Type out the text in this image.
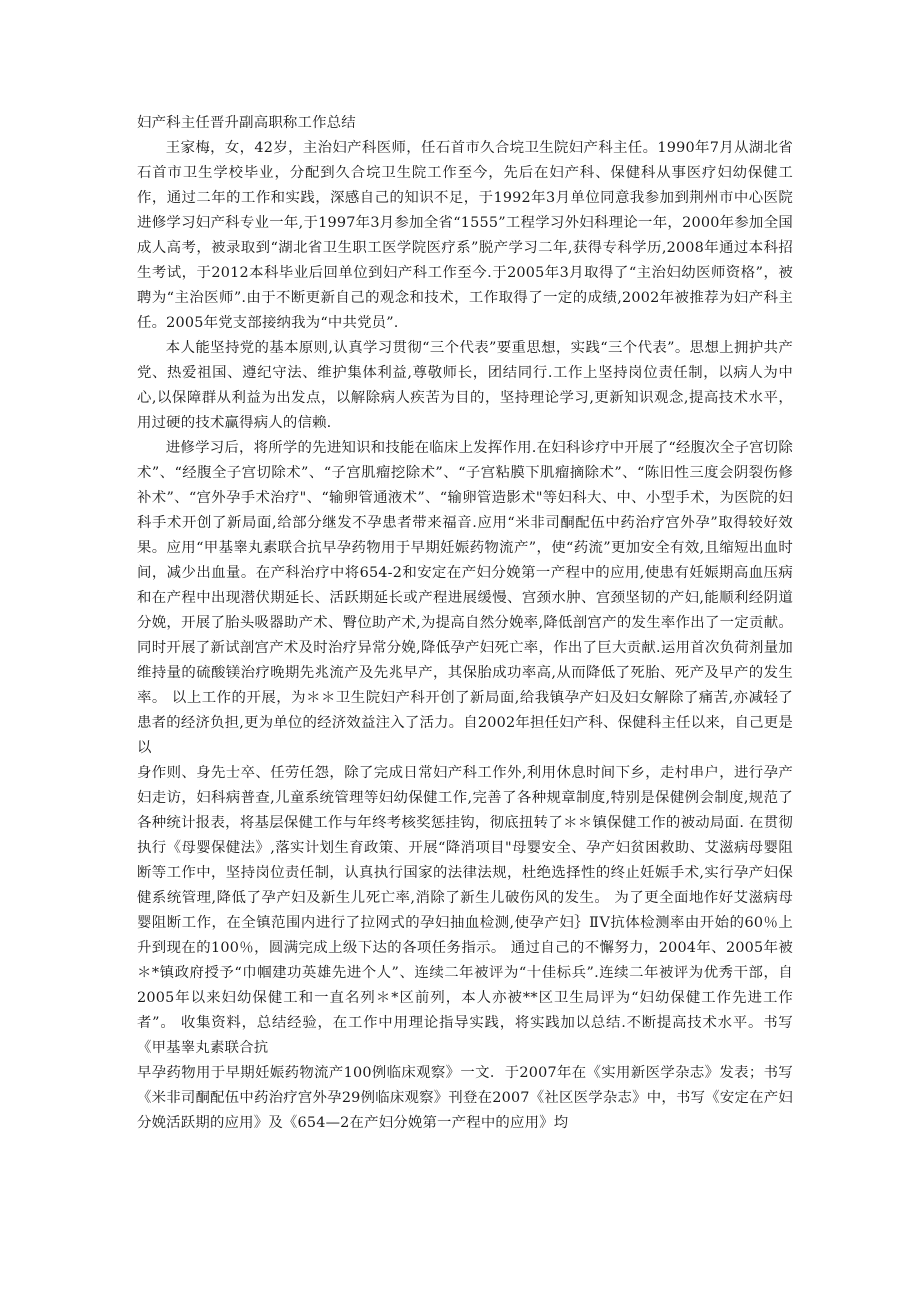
妇产科主任晋升副高职称工作总结

王家梅，女，42岁，主治妇产科医师，任石首市久合垸卫生院妇产科主任。1990年7月从湖北省石首市卫生学校毕业，分配到久合垸卫生院工作至今，先后在妇产科、保健科从事医疗妇幼保健工作，通过二年的工作和实践，深感自己的知识不足，于1992年3月单位同意我参加到荆州市中心医院进修学习妇产科专业一年,于1997年3月参加全省“1555”工程学习外妇科理论一年，2000年参加全国成人高考，被录取到“湖北省卫生职工医学院医疗系”脱产学习二年,获得专科学历,2008年通过本科招生考试，于2012本科毕业后回单位到妇产科工作至今.于2005年3月取得了“主治妇幼医师资格”，被聘为“主治医师”.由于不断更新自己的观念和技术，工作取得了一定的成绩,2002年被推荐为妇产科主任。2005年党支部接纳我为“中共党员”.

本人能坚持党的基本原则,认真学习贯彻“三个代表”要重思想，实践“三个代表”。思想上拥护共产党、热爱祖国、遵纪守法、维护集体利益,尊敬师长，团结同行.工作上坚持岗位责任制，以病人为中心,以保障群从利益为出发点，以解除病人疾苦为目的，坚持理论学习,更新知识观念,提高技术水平，用过硬的技术赢得病人的信赖.

进修学习后，将所学的先进知识和技能在临床上发挥作用.在妇科诊疗中开展了“经腹次全子宫切除术”、“经腹全子宫切除术”、“子宫肌瘤挖除术”、“子宫粘膜下肌瘤摘除术”、“陈旧性三度会阴裂伤修补术”、“宫外孕手术治疗"、“输卵管通液术”、“输卵管造影术"等妇科大、中、小型手术，为医院的妇科手术开创了新局面,给部分继发不孕患者带来福音.应用“米非司酮配伍中药治疗宫外孕”取得较好效果。应用“甲基睾丸素联合抗早孕药物用于早期妊娠药物流产”，使“药流”更加安全有效,且缩短出血时间，减少出血量。在产科治疗中将654-2和安定在产妇分娩第一产程中的应用,使患有妊娠期高血压病和在产程中出现潜伏期延长、活跃期延长或产程进展缓慢、宫颈水肿、宫颈坚韧的产妇,能顺利经阴道分娩，开展了胎头吸器助产术、臀位助产术,为提高自然分娩率,降低剖宫产的发生率作出了一定贡献。同时开展了新试剖宫产术及时治疗异常分娩,降低孕产妇死亡率，作出了巨大贡献.运用首次负荷剂量加维持量的硫酸镁治疗晚期先兆流产及先兆早产，其保胎成功率高,从而降低了死胎、死产及早产的发生率。 以上工作的开展，为＊＊卫生院妇产科开创了新局面,给我镇孕产妇及妇女解除了痛苦,亦减轻了患者的经济负担,更为单位的经济效益注入了活力。自2002年担任妇产科、保健科主任以来，自己更是以

身作则、身先士卒、任劳任怨，除了完成日常妇产科工作外,利用休息时间下乡，走村串户，进行孕产妇走访，妇科病普查,儿童系统管理等妇幼保健工作,完善了各种规章制度,特别是保健例会制度,规范了各种统计报表，将基层保健工作与年终考核奖惩挂钩，彻底扭转了＊＊镇保健工作的被动局面. 在贯彻执行《母婴保健法》,落实计划生育政策、开展“降消项目"母婴安全、孕产妇贫困救助、艾滋病母婴阻断等工作中，坚持岗位责任制，认真执行国家的法律法规，杜绝选择性的终止妊娠手术,实行孕产妇保健系统管理,降低了孕产妇及新生儿死亡率,消除了新生儿破伤风的发生。 为了更全面地作好艾滋病母婴阻断工作，在全镇范围内进行了拉网式的孕妇抽血检测,使孕产妇｝ⅡⅤ抗体检测率由开始的60％上升到现在的100％，圆满完成上级下达的各项任务指示。 通过自己的不懈努力，2004年、2005年被＊*镇政府授予“巾帼建功英雄先进个人”、连续二年被评为“十佳标兵”.连续二年被评为优秀干部，自2005年以来妇幼保健工和一直名列＊*区前列，本人亦被**区卫生局评为“妇幼保健工作先进工作者”。 收集资料，总结经验，在工作中用理论指导实践，将实践加以总结.不断提高技术水平。书写《甲基睾丸素联合抗

早孕药物用于早期妊娠药物流产100例临床观察》一文．于2007年在《实用新医学杂志》发表；书写《米非司酮配伍中药治疗宫外孕29例临床观察》刊登在2007《社区医学杂志》中，书写《安定在产妇分娩活跃期的应用》及《654—2在产妇分娩第一产程中的应用》均
